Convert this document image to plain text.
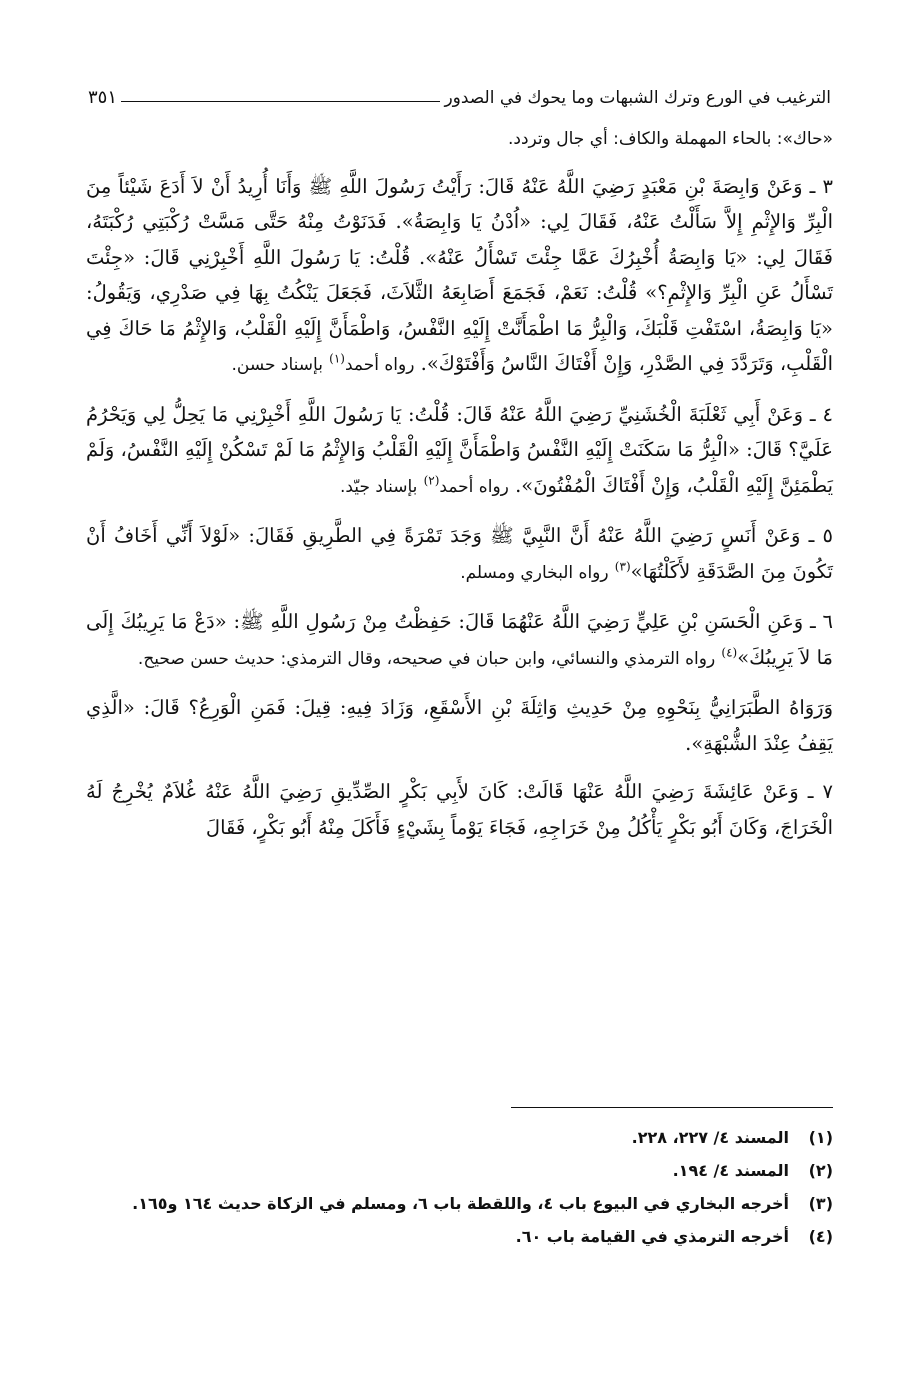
الترغيب في الورع وترك الشبهات وما يحوك في الصدور
٣٥١

«حاك»: بالحاء المهملة والكاف: أي جال وتردد.

٣ ـ وَعَنْ وَابِصَةَ بْنِ مَعْبَدٍ رَضِيَ اللَّهُ عَنْهُ قَالَ: رَأَيْتُ رَسُولَ اللَّهِ ﷺ وَأَنَا أُرِيدُ أَنْ لاَ أَدَعَ شَيْئاً مِنَ الْبِرِّ وَالإِثْمِ إِلاَّ سَأَلْتُ عَنْهُ، فَقَالَ لِي: «اُدْنُ يَا وَابِصَةُ». فَدَنَوْتُ مِنْهُ حَتَّى مَسَّتْ رُكْبَتِي رُكْبَتَهُ، فَقَالَ لِي: «يَا وَابِصَةُ أُخْبِرُكَ عَمَّا جِئْتَ تَسْأَلُ عَنْهُ». قُلْتُ: يَا رَسُولَ اللَّهِ أَخْبِرْنِي قَالَ: «جِئْتَ تَسْأَلُ عَنِ الْبِرِّ وَالإِثْمِ؟» قُلْتُ: نَعَمْ، فَجَمَعَ أَصَابِعَهُ الثَّلاَثَ، فَجَعَلَ يَنْكُتُ بِهَا فِي صَدْرِي، وَيَقُولُ: «يَا وَابِصَةُ، اسْتَفْتِ قَلْبَكَ، وَالْبِرُّ مَا اطْمَأَنَّتْ إِلَيْهِ النَّفْسُ، وَاطْمَأَنَّ إِلَيْهِ الْقَلْبُ، وَالإِثْمُ مَا حَاكَ فِي الْقَلْبِ، وَتَرَدَّدَ فِي الصَّدْرِ، وَإِنْ أَفْتَاكَ النَّاسُ وَأَفْتَوْكَ». رواه أحمد$^{(١)}$ بإسناد حسن.

٤ ـ وَعَنْ أَبِي ثَعْلَبَةَ الْخُشَنِيِّ رَضِيَ اللَّهُ عَنْهُ قَالَ: قُلْتُ: يَا رَسُولَ اللَّهِ أَخْبِرْنِي مَا يَحِلُّ لِي وَيَحْرُمُ عَلَيَّ؟ قَالَ: «الْبِرُّ مَا سَكَنَتْ إِلَيْهِ النَّفْسُ وَاطْمَأَنَّ إِلَيْهِ الْقَلْبُ وَالإِثْمُ مَا لَمْ تَسْكُنْ إِلَيْهِ النَّفْسُ، وَلَمْ يَطْمَئِنَّ إِلَيْهِ الْقَلْبُ، وَإِنْ أَفْتَاكَ الْمُفْتُونَ». رواه أحمد$^{(٢)}$ بإسناد جيّد.

٥ ـ وَعَنْ أَنَسٍ رَضِيَ اللَّهُ عَنْهُ أَنَّ النَّبِيَّ ﷺ وَجَدَ تَمْرَةً فِي الطَّرِيقِ فَقَالَ: «لَوْلاَ أَنِّي أَخَافُ أَنْ تَكُونَ مِنَ الصَّدَقَةِ لأَكَلْتُهَا»$^{(٣)}$ رواه البخاري ومسلم.

٦ ـ وَعَنِ الْحَسَنِ بْنِ عَلِيٍّ رَضِيَ اللَّهُ عَنْهُمَا قَالَ: حَفِظْتُ مِنْ رَسُولِ اللَّهِ ﷺ: «دَعْ مَا يَرِيبُكَ إِلَى مَا لاَ يَرِيبُكَ»$^{(٤)}$ رواه الترمذي والنسائي، وابن حبان في صحيحه، وقال الترمذي: حديث حسن صحيح.

وَرَوَاهُ الطَّبَرَانِيُّ بِنَحْوِهِ مِنْ حَدِيثِ وَاثِلَةَ بْنِ الأَسْقَعِ، وَزَادَ فِيهِ: قِيلَ: فَمَنِ الْوَرِعُ؟ قَالَ: «الَّذِي يَقِفُ عِنْدَ الشُّبْهَةِ».

٧ ـ وَعَنْ عَائِشَةَ رَضِيَ اللَّهُ عَنْهَا قَالَتْ: كَانَ لأَبِي بَكْرٍ الصِّدِّيقِ رَضِيَ اللَّهُ عَنْهُ غُلاَمٌ يُخْرِجُ لَهُ الْخَرَاجَ، وَكَانَ أَبُو بَكْرٍ يَأْكُلُ مِنْ خَرَاجِهِ، فَجَاءَ يَوْماً بِشَيْءٍ فَأَكَلَ مِنْهُ أَبُو بَكْرٍ، فَقَالَ

(١)
المسند ٤/ ٢٢٧، ٢٢٨.
(٢)
المسند ٤/ ١٩٤.
(٣)
أخرجه البخاري في البيوع باب ٤، واللقطة باب ٦، ومسلم في الزكاة حديث ١٦٤ و١٦٥.
(٤)
أخرجه الترمذي في القيامة باب ٦٠.
